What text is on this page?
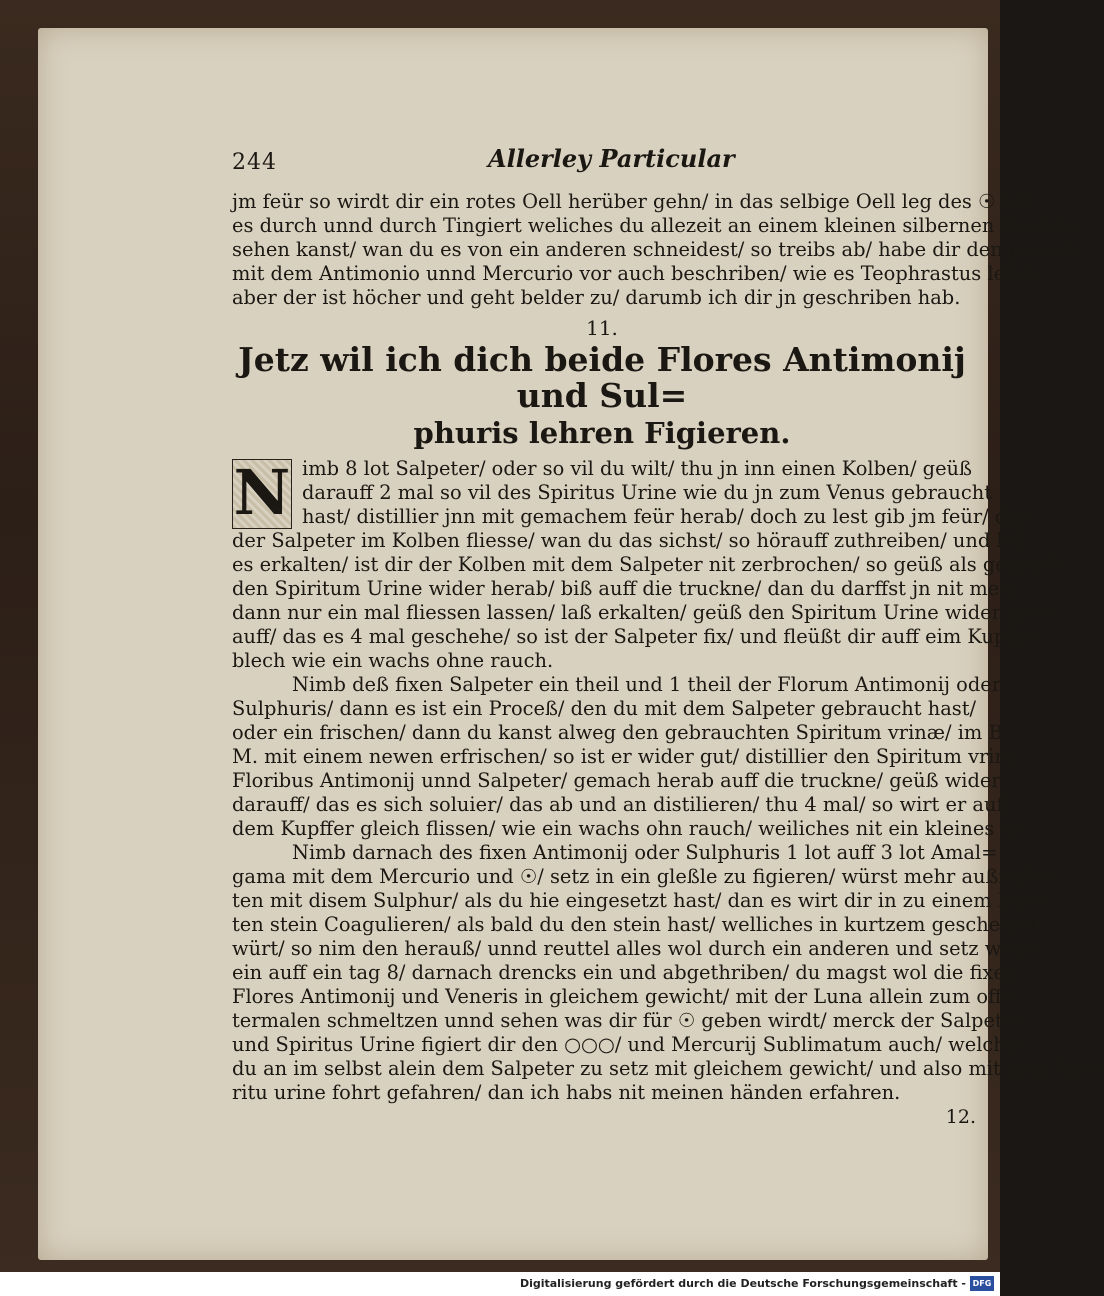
244	Allerley Particular
jm feür so wirdt dir ein rotes Oell herüber gehn/ in das selbige Oell leg des ☉ biß
es durch unnd durch Tingiert weliches du allezeit an einem kleinen silbernen blechlin
sehen kanst/ wan du es von ein anderen schneidest/ so treibs ab/ habe dir den proceß
mit dem Antimonio unnd Mercurio vor auch beschriben/ wie es Teophrastus lehrt/
aber der ist höcher und geht belder zu/ darumb ich dir jn geschriben hab.
11.
Jetz wil ich dich beide Flores Antimonij und Sul=
phuris lehren Figieren.
N imb 8 lot Salpeter/ oder so vil du wilt/ thu jn inn einen Kolben/ geüß
darauff 2 mal so vil des Spiritus Urine wie du jn zum Venus gebraucht
hast/ distillier jnn mit gemachem feür herab/ doch zu lest gib jm feür/ das
der Salpeter im Kolben fliesse/ wan du das sichst/ so hörauff zuthreiben/ und laß
es erkalten/ ist dir der Kolben mit dem Salpeter nit zerbrochen/ so geüß als gemach
den Spiritum Urine wider herab/ biß auff die truckne/ dan du darffst jn nit mehr
dann nur ein mal fliessen lassen/ laß erkalten/ geüß den Spiritum Urine wider dar=
auff/ das es 4 mal geschehe/ so ist der Salpeter fix/ und fleüßt dir auff eim Kupffer
blech wie ein wachs ohne rauch.
Nimb deß fixen Salpeter ein theil und 1 theil der Florum Antimonij oder
Sulphuris/ dann es ist ein Proceß/ den du mit dem Salpeter gebraucht hast/
oder ein frischen/ dann du kanst alweg den gebrauchten Spiritum vrinæ/ im B.
M. mit einem newen erfrischen/ so ist er wider gut/ distillier den Spiritum vrine
Floribus Antimonij unnd Salpeter/ gemach herab auff die truckne/ geüß wider
darauff/ das es sich soluier/ das ab und an distilieren/ thu 4 mal/ so wirt er auff
dem Kupffer gleich flissen/ wie ein wachs ohn rauch/ weiliches nit ein kleines ist.
Nimb darnach des fixen Antimonij oder Sulphuris 1 lot auff 3 lot Amal=
gama mit dem Mercurio und ☉/ setz in ein gleßle zu figieren/ würst mehr außrich=
ten mit disem Sulphur/ als du hie eingesetzt hast/ dan es wirt dir in zu einem har=
ten stein Coagulieren/ als bald du den stein hast/ welliches in kurtzem geschehen
würt/ so nim den herauß/ unnd reuttel alles wol durch ein anderen und setz wider
ein auff ein tag 8/ darnach drencks ein und abgethriben/ du magst wol die fixen
Flores Antimonij und Veneris in gleichem gewicht/ mit der Luna allein zum off=
termalen schmeltzen unnd sehen was dir für ☉ geben wirdt/ merck der Salpeter
und Spiritus Urine figiert dir den ○○○/ und Mercurij Sublimatum auch/ welches
du an im selbst alein dem Salpeter zu setz mit gleichem gewicht/ und also mit dem Spi=
ritu urine fohrt gefahren/ dan ich habs nit meinen händen erfahren.
12.
Digitalisierung gefördert durch die Deutsche Forschungsgemeinschaft - DFG
